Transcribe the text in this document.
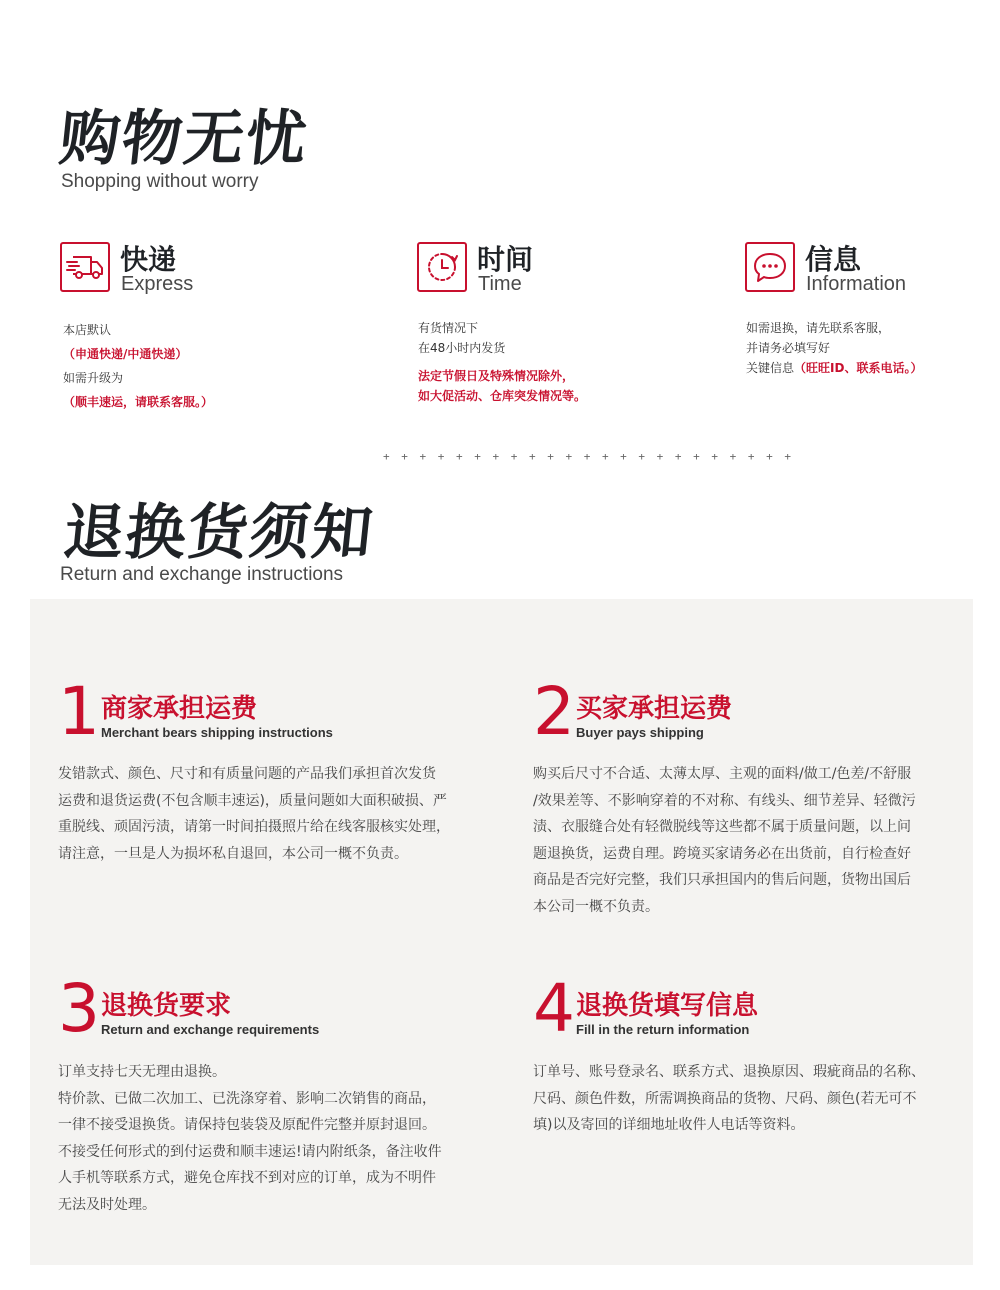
购物无忧
Shopping without worry
快递
Express
时间
Time
信息
Information
本店默认
（申通快递/中通快递）
如需升级为
（顺丰速运，请联系客服。）
有货情况下
在48小时内发货
法定节假日及特殊情况除外，
如大促活动、仓库突发情况等。
如需退换，请先联系客服，
并请务必填写好
关键信息（旺旺ID、联系电话。）
+ + + + + + + + + + + + + + + + + + + + + + +
退换货须知
Return and exchange instructions
1 商家承担运费
Merchant bears shipping instructions
发错款式、颜色、尺寸和有质量问题的产品我们承担首次发货
运费和退货运费(不包含顺丰速运)，质量问题如大面积破损、严
重脱线、顽固污渍，请第一时间拍摄照片给在线客服核实处理，
请注意，一旦是人为损坏私自退回，本公司一概不负责。
2 买家承担运费
Buyer pays shipping
购买后尺寸不合适、太薄太厚、主观的面料/做工/色差/不舒服
/效果差等、不影响穿着的不对称、有线头、细节差异、轻微污
渍、衣服缝合处有轻微脱线等这些都不属于质量问题，以上问
题退换货，运费自理。跨境买家请务必在出货前，自行检查好
商品是否完好完整，我们只承担国内的售后问题，货物出国后
本公司一概不负责。
3 退换货要求
Return and exchange requirements
订单支持七天无理由退换。
特价款、已做二次加工、已洗涤穿着、影响二次销售的商品，
一律不接受退换货。请保持包装袋及原配件完整并原封退回。
不接受任何形式的到付运费和顺丰速运!请内附纸条，备注收件
人手机等联系方式，避免仓库找不到对应的订单，成为不明件
无法及时处理。
4 退换货填写信息
Fill in the return information
订单号、账号登录名、联系方式、退换原因、瑕疵商品的名称、
尺码、颜色件数，所需调换商品的货物、尺码、颜色(若无可不
填)以及寄回的详细地址收件人电话等资料。
